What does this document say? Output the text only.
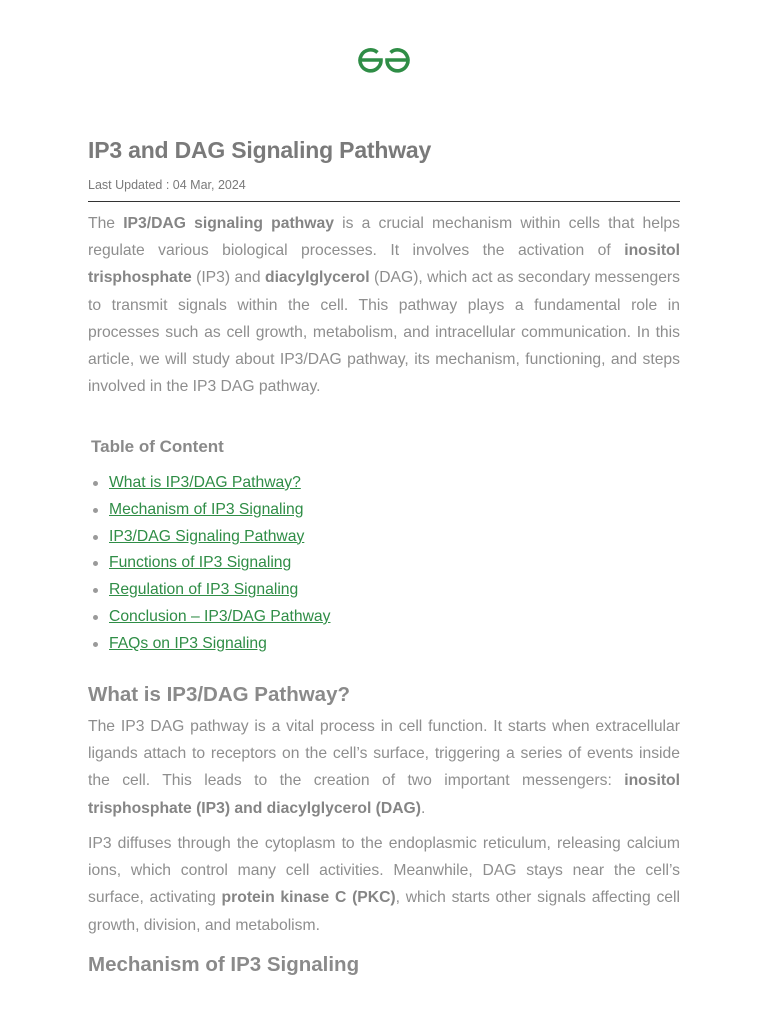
IP3 and DAG Signaling Pathway
Last Updated : 04 Mar, 2024

The IP3/DAG signaling pathway is a crucial mechanism within cells that helps regulate various biological processes. It involves the activation of inositol trisphosphate (IP3) and diacylglycerol (DAG), which act as secondary messengers to transmit signals within the cell. This pathway plays a fundamental role in processes such as cell growth, metabolism, and intracellular communication. In this article, we will study about IP3/DAG pathway, its mechanism, functioning, and steps involved in the IP3 DAG pathway.

Table of Content
What is IP3/DAG Pathway?
Mechanism of IP3 Signaling
IP3/DAG Signaling Pathway
Functions of IP3 Signaling
Regulation of IP3 Signaling
Conclusion – IP3/DAG Pathway
FAQs on IP3 Signaling
What is IP3/DAG Pathway?

The IP3 DAG pathway is a vital process in cell function. It starts when extracellular ligands attach to receptors on the cell’s surface, triggering a series of events inside the cell. This leads to the creation of two important messengers: inositol trisphosphate (IP3) and diacylglycerol (DAG).

IP3 diffuses through the cytoplasm to the endoplasmic reticulum, releasing calcium ions, which control many cell activities. Meanwhile, DAG stays near the cell’s surface, activating protein kinase C (PKC), which starts other signals affecting cell growth, division, and metabolism.

Mechanism of IP3 Signaling
